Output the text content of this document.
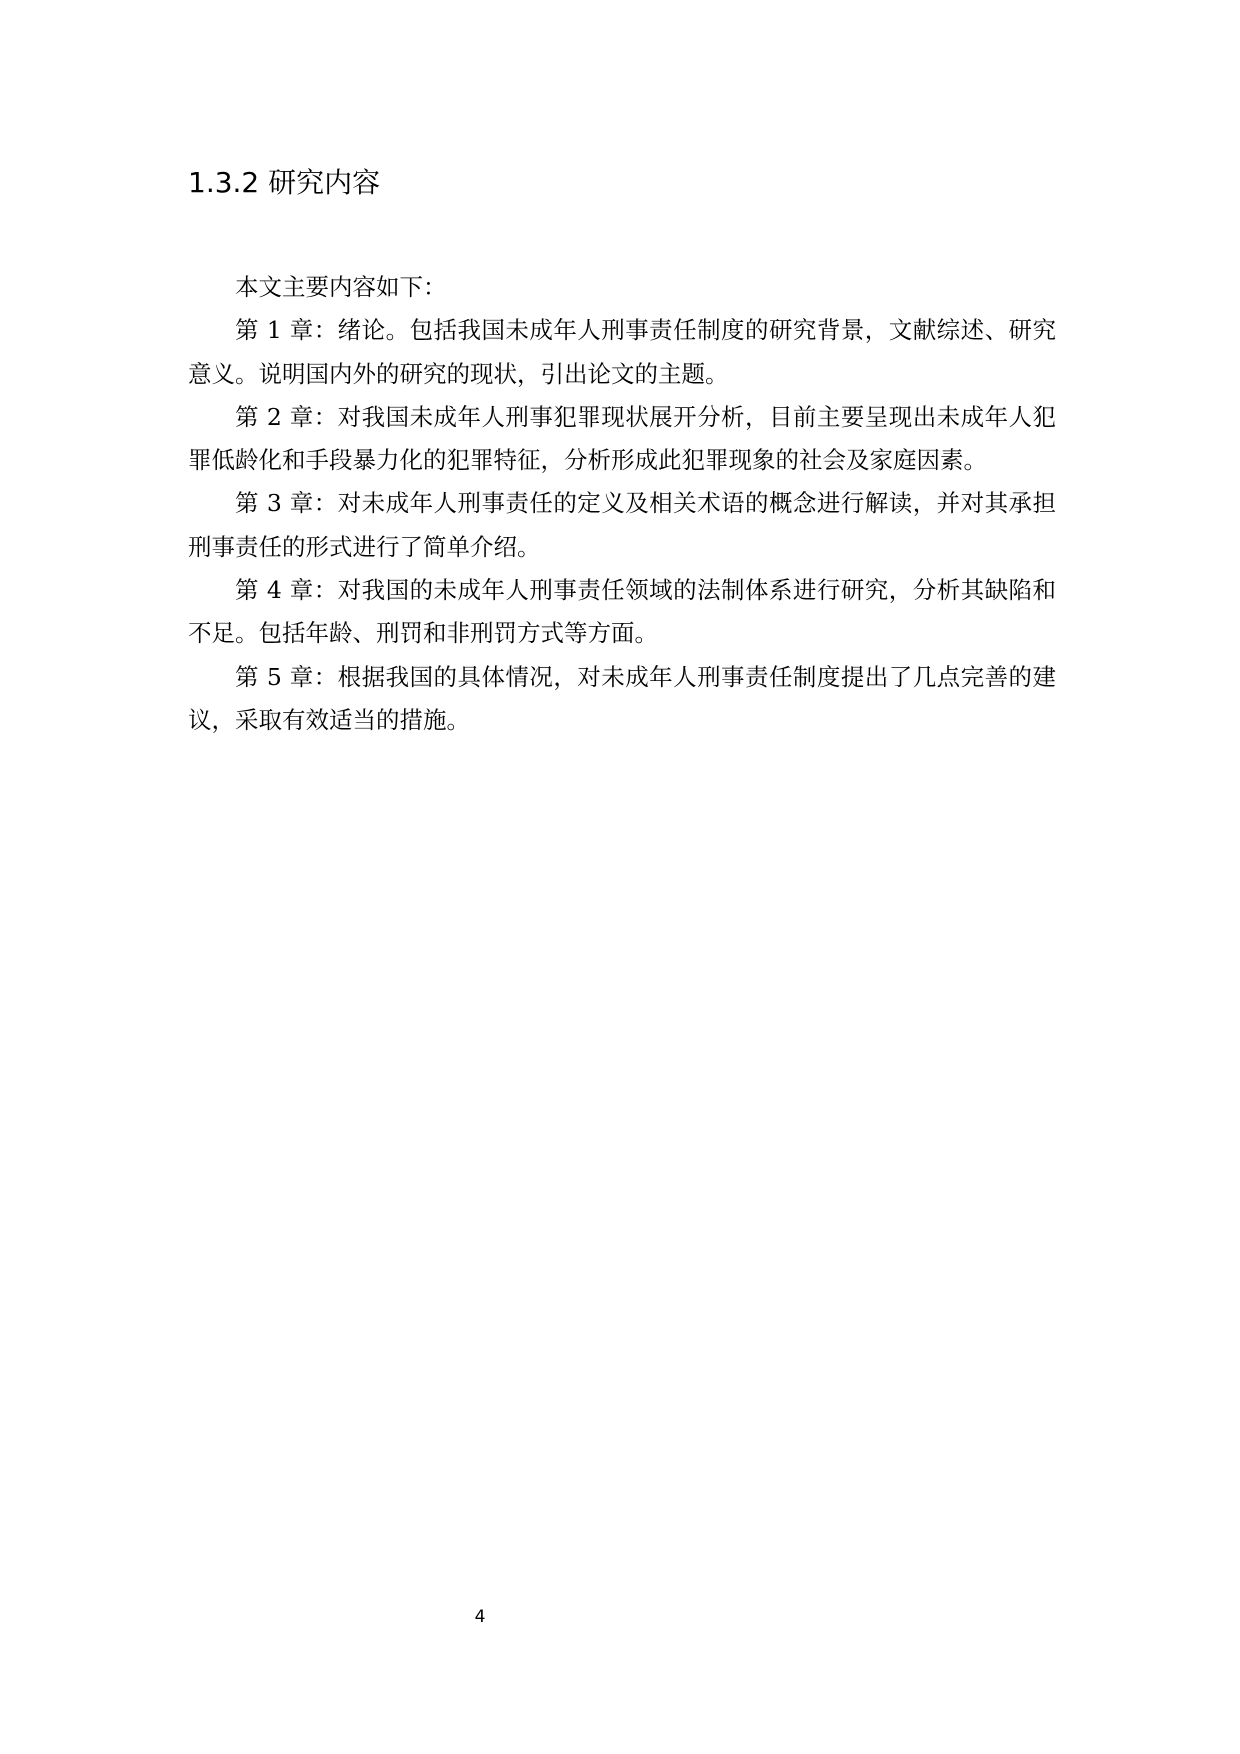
1.3.2 研究内容

本文主要内容如下：

第 1 章：绪论。包括我国未成年人刑事责任制度的研究背景，文献综述、研究意义。说明国内外的研究的现状，引出论文的主题。

第 2 章：对我国未成年人刑事犯罪现状展开分析，目前主要呈现出未成年人犯罪低龄化和手段暴力化的犯罪特征，分析形成此犯罪现象的社会及家庭因素。

第 3 章：对未成年人刑事责任的定义及相关术语的概念进行解读，并对其承担刑事责任的形式进行了简单介绍。

第 4 章：对我国的未成年人刑事责任领域的法制体系进行研究，分析其缺陷和不足。包括年龄、刑罚和非刑罚方式等方面。

第 5 章：根据我国的具体情况，对未成年人刑事责任制度提出了几点完善的建议，采取有效适当的措施。

4
